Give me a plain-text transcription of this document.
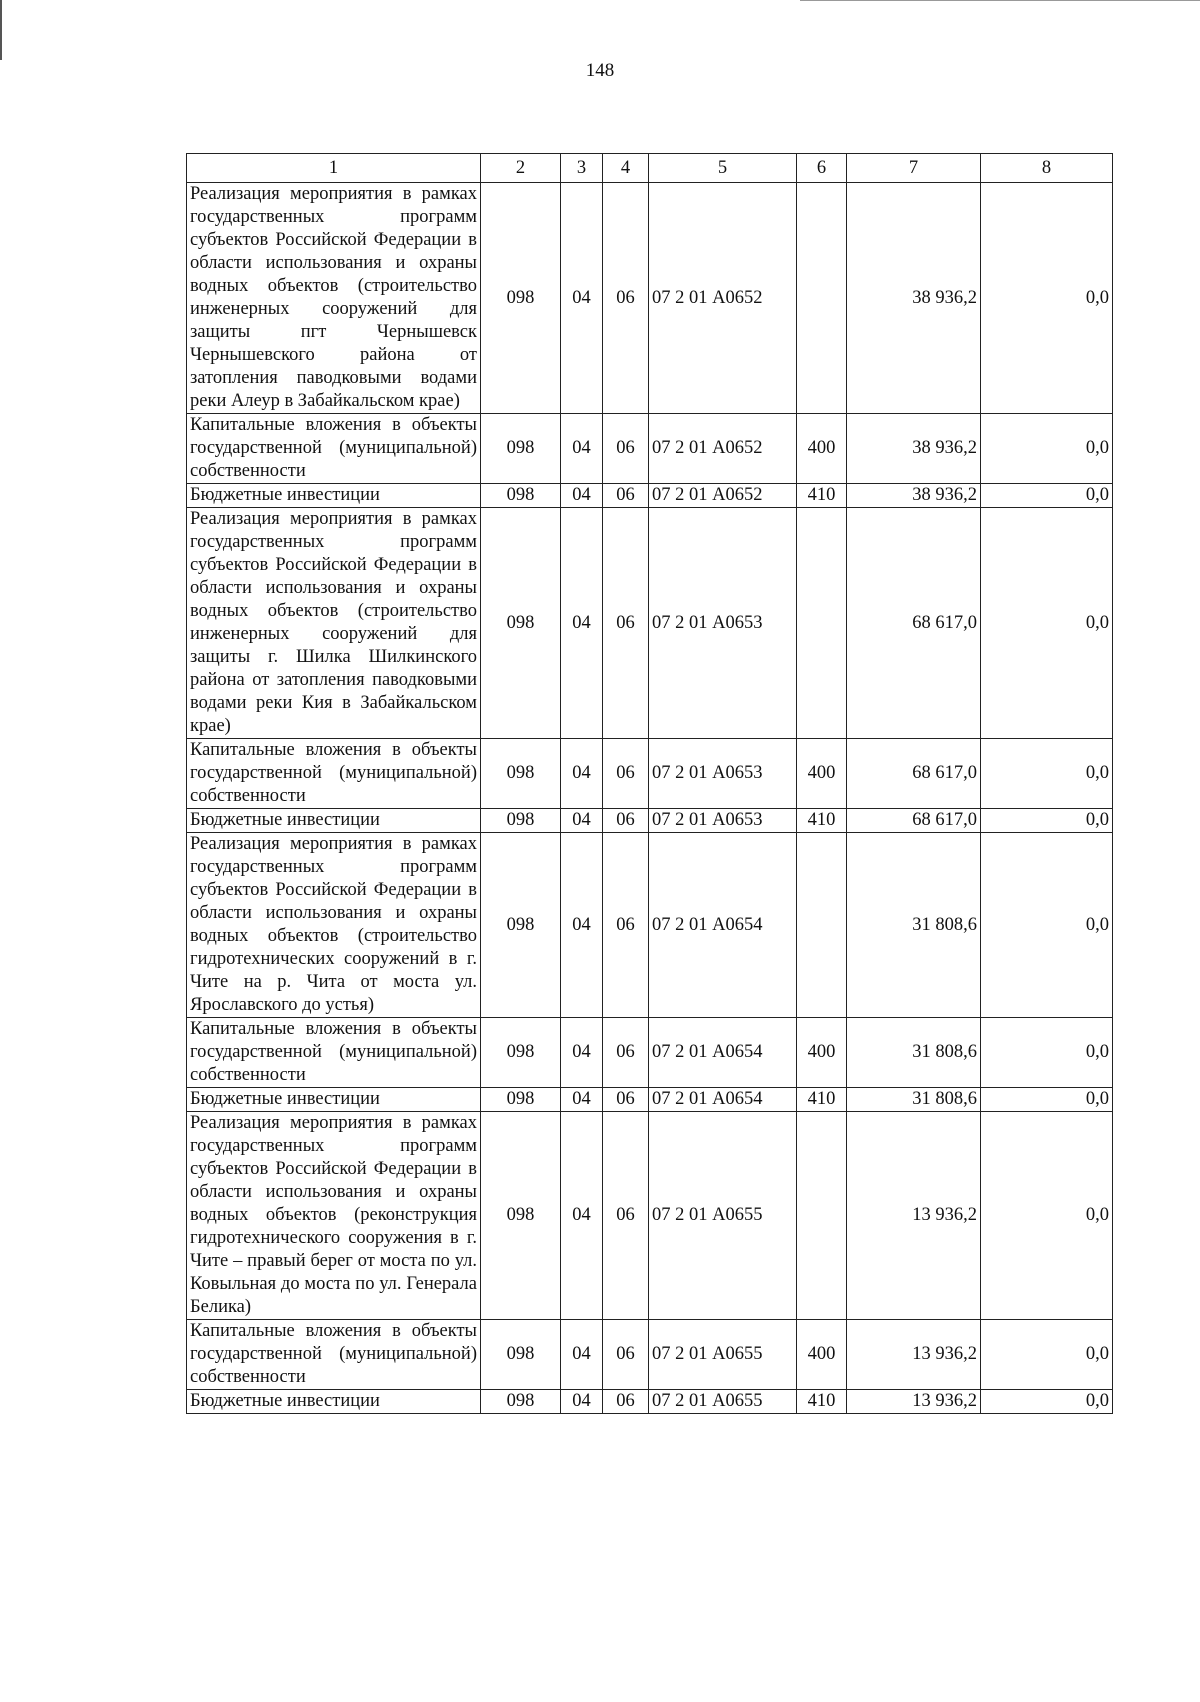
148
1	2	3	4	5	6	7	8
Реализация мероприятия в рамках государственных программ субъектов Российской Федерации в области использования и охраны водных объектов (строительство инженерных сооружений для защиты пгт Чернышевск Чернышевского района от затопления паводковыми водами реки Алеур в Забайкальском крае)	098	04	06	07 2 01 А0652		38 936,2	0,0
Капитальные вложения в объекты государственной (муниципальной) собственности	098	04	06	07 2 01 А0652	400	38 936,2	0,0
Бюджетные инвестиции	098	04	06	07 2 01 А0652	410	38 936,2	0,0
Реализация мероприятия в рамках государственных программ субъектов Российской Федерации в области использования и охраны водных объектов (строительство инженерных сооружений для защиты г. Шилка Шилкинского района от затопления паводковыми водами реки Кия в Забайкальском крае)	098	04	06	07 2 01 А0653		68 617,0	0,0
Капитальные вложения в объекты государственной (муниципальной) собственности	098	04	06	07 2 01 А0653	400	68 617,0	0,0
Бюджетные инвестиции	098	04	06	07 2 01 А0653	410	68 617,0	0,0
Реализация мероприятия в рамках государственных программ субъектов Российской Федерации в области использования и охраны водных объектов (строительство гидротехнических сооружений в г. Чите на р. Чита от моста ул. Ярославского до устья)	098	04	06	07 2 01 А0654		31 808,6	0,0
Капитальные вложения в объекты государственной (муниципальной) собственности	098	04	06	07 2 01 А0654	400	31 808,6	0,0
Бюджетные инвестиции	098	04	06	07 2 01 А0654	410	31 808,6	0,0
Реализация мероприятия в рамках государственных программ субъектов Российской Федерации в области использования и охраны водных объектов (реконструкция гидротехнического сооружения в г. Чите – правый берег от моста по ул. Ковыльная до моста по ул. Генерала Белика)	098	04	06	07 2 01 А0655		13 936,2	0,0
Капитальные вложения в объекты государственной (муниципальной) собственности	098	04	06	07 2 01 А0655	400	13 936,2	0,0
Бюджетные инвестиции	098	04	06	07 2 01 А0655	410	13 936,2	0,0
